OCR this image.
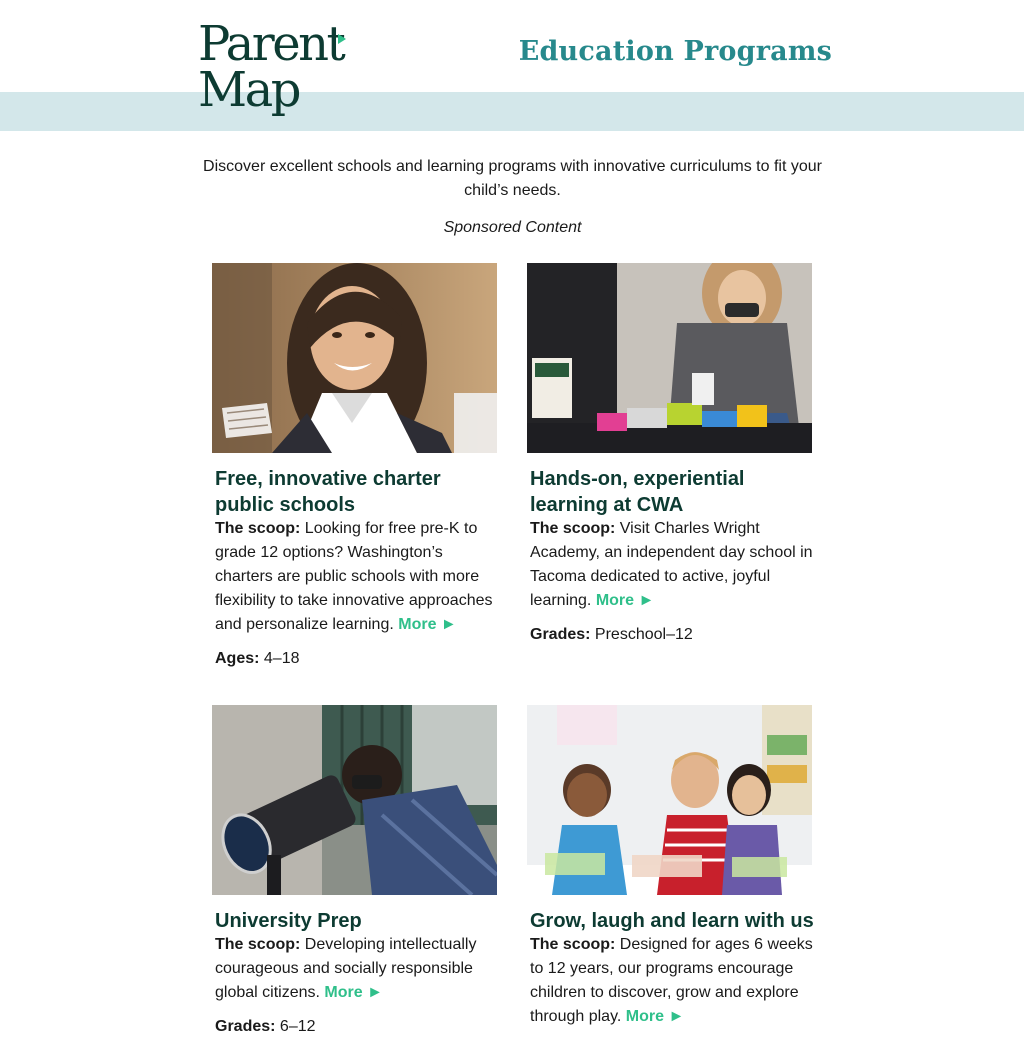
Parent
Map
Education Programs
Discover excellent schools and learning programs with innovative curriculums to fit your child’s needs.
Sponsored Content
Free, innovative charter public schools
The scoop: Looking for free pre-K to grade 12 options? Washington’s charters are public schools with more flexibility to take innovative approaches and personalize learning. More ►
Ages: 4–18
Hands-on, experiential learning at CWA
The scoop: Visit Charles Wright Academy, an independent day school in Tacoma dedicated to active, joyful learning. More ►
Grades: Preschool–12
University Prep
The scoop: Developing intellectually courageous and socially responsible global citizens. More ►
Grades: 6–12
Grow, laugh and learn with us
The scoop: Designed for ages 6 weeks to 12 years, our programs encourage children to discover, grow and explore through play. More ►
